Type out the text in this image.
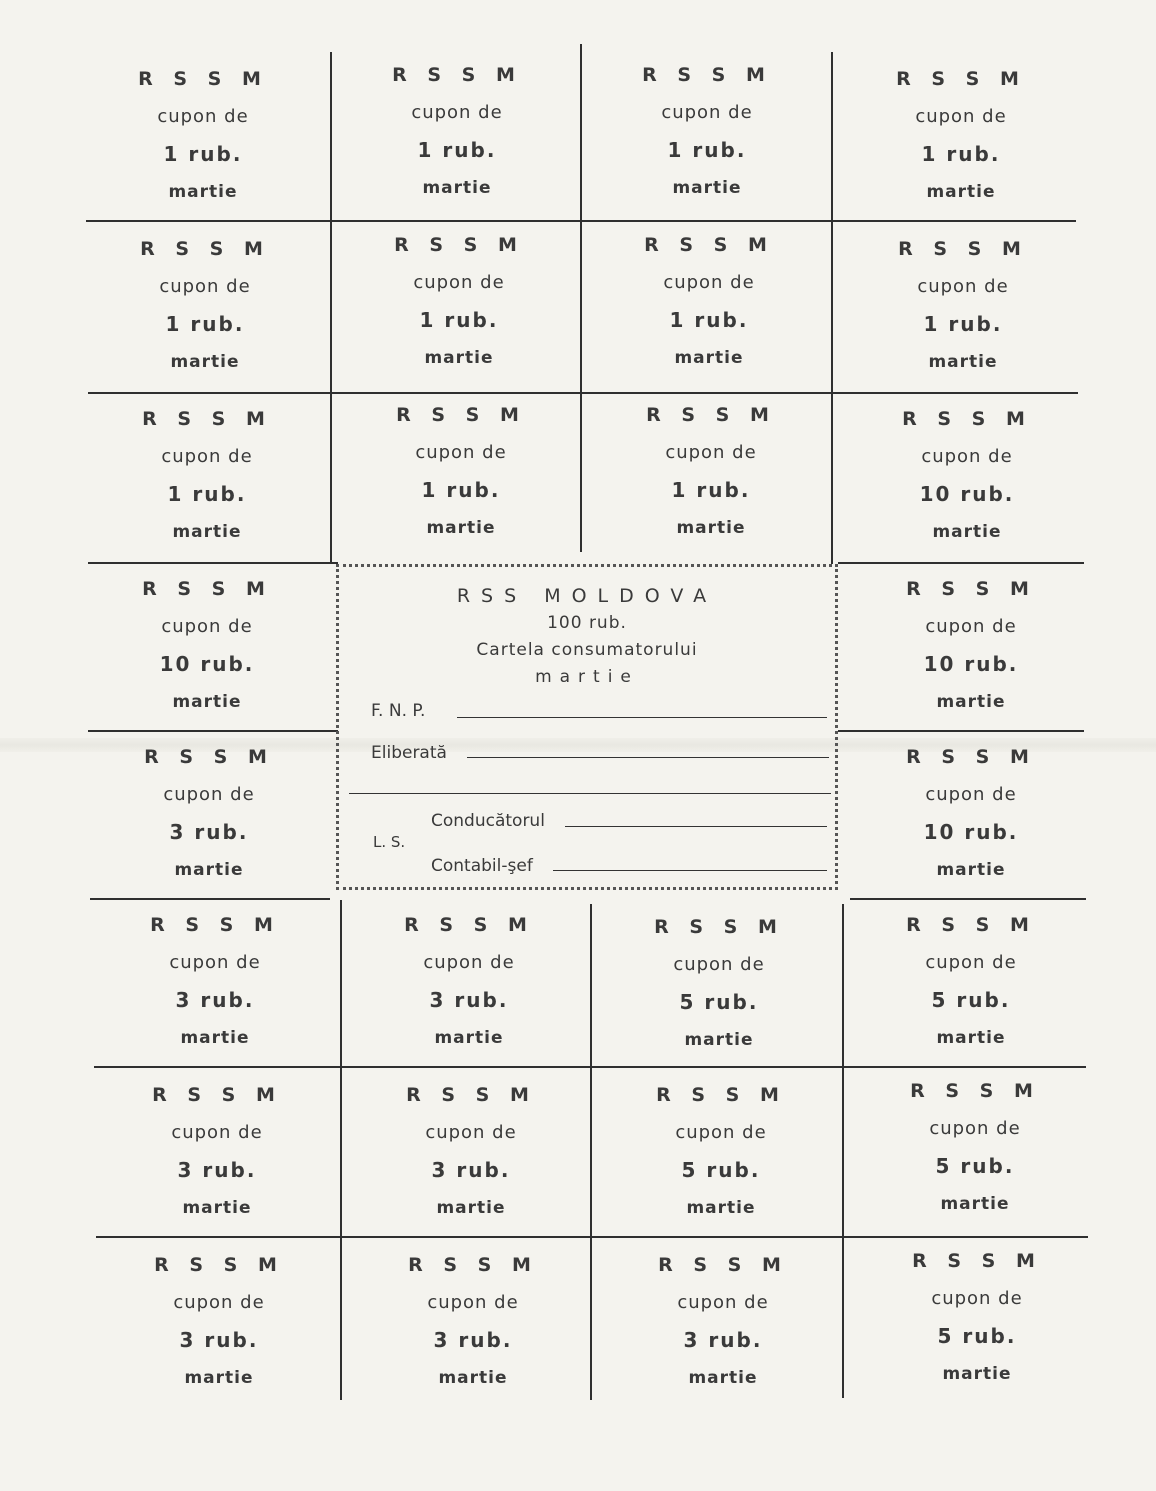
R S S M
cupon de
1 rub.
martie
R S S M
cupon de
1 rub.
martie
R S S M
cupon de
1 rub.
martie
R S S M
cupon de
1 rub.
martie
R S S M
cupon de
1 rub.
martie
R S S M
cupon de
1 rub.
martie
R S S M
cupon de
1 rub.
martie
R S S M
cupon de
1 rub.
martie
R S S M
cupon de
1 rub.
martie
R S S M
cupon de
1 rub.
martie
R S S M
cupon de
1 rub.
martie
R S S M
cupon de
10 rub.
martie
R S S M
cupon de
10 rub.
martie
R S S M
cupon de
10 rub.
martie
R S S M
cupon de
3 rub.
martie
R S S M
cupon de
10 rub.
martie
R S S M
cupon de
3 rub.
martie
R S S M
cupon de
3 rub.
martie
R S S M
cupon de
5 rub.
martie
R S S M
cupon de
5 rub.
martie
R S S M
cupon de
3 rub.
martie
R S S M
cupon de
3 rub.
martie
R S S M
cupon de
5 rub.
martie
R S S M
cupon de
5 rub.
martie
R S S M
cupon de
3 rub.
martie
R S S M
cupon de
3 rub.
martie
R S S M
cupon de
3 rub.
martie
R S S M
cupon de
5 rub.
martie
RSS MOLDOVA
100 rub.
Cartela consumatorului
martie
F. N. P.
Eliberată
L. S.
Conducătorul
Contabil-şef
